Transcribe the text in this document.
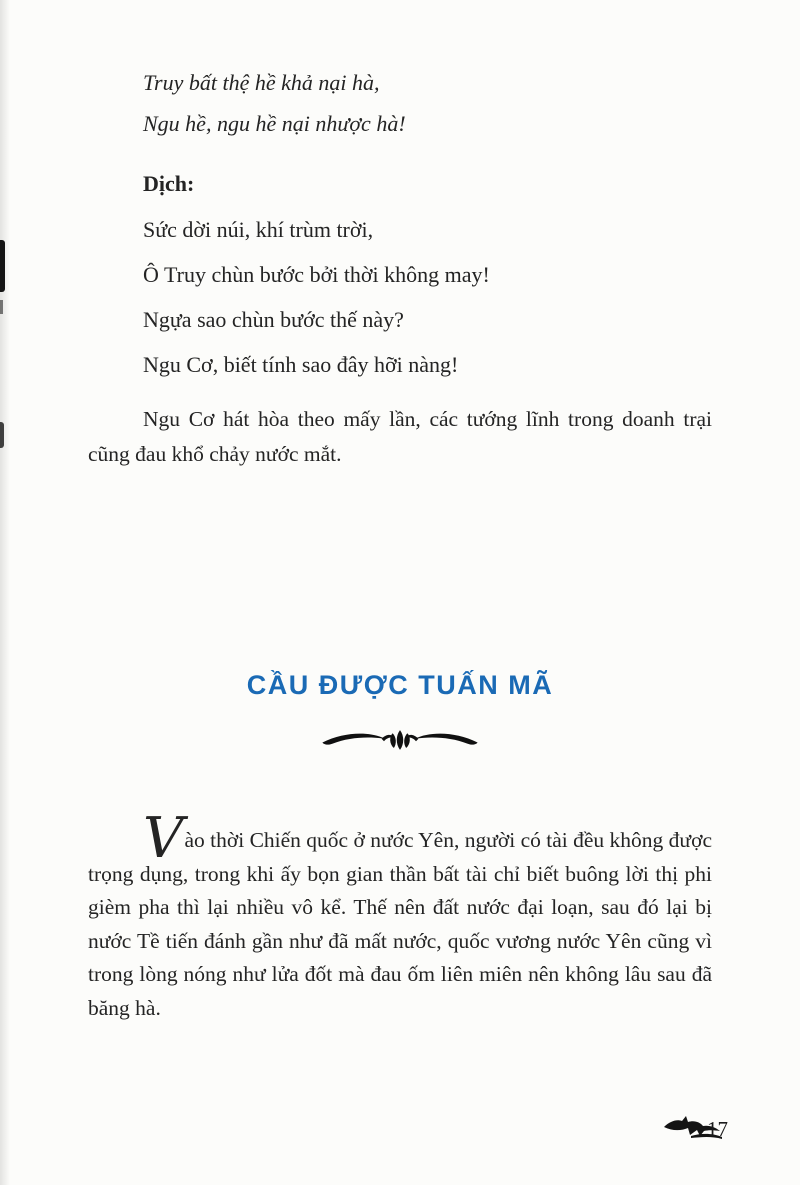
Truy bất thệ hề khả nại hà,
Ngu hề, ngu hề nại nhược hà!
Dịch:
Sức dời núi, khí trùm trời,
Ô Truy chùn bước bởi thời không may!
Ngựa sao chùn bước thế này?
Ngu Cơ, biết tính sao đây hỡi nàng!

Ngu Cơ hát hòa theo mấy lần, các tướng lĩnh trong doanh trại cũng đau khổ chảy nước mắt.

CẦU ĐƯỢC TUẤN MÃ

Vào thời Chiến quốc ở nước Yên, người có tài đều không được trọng dụng, trong khi ấy bọn gian thần bất tài chỉ biết buông lời thị phi gièm pha thì lại nhiều vô kể. Thế nên đất nước đại loạn, sau đó lại bị nước Tề tiến đánh gần như đã mất nước, quốc vương nước Yên cũng vì trong lòng nóng như lửa đốt mà đau ốm liên miên nên không lâu sau đã băng hà.

17
